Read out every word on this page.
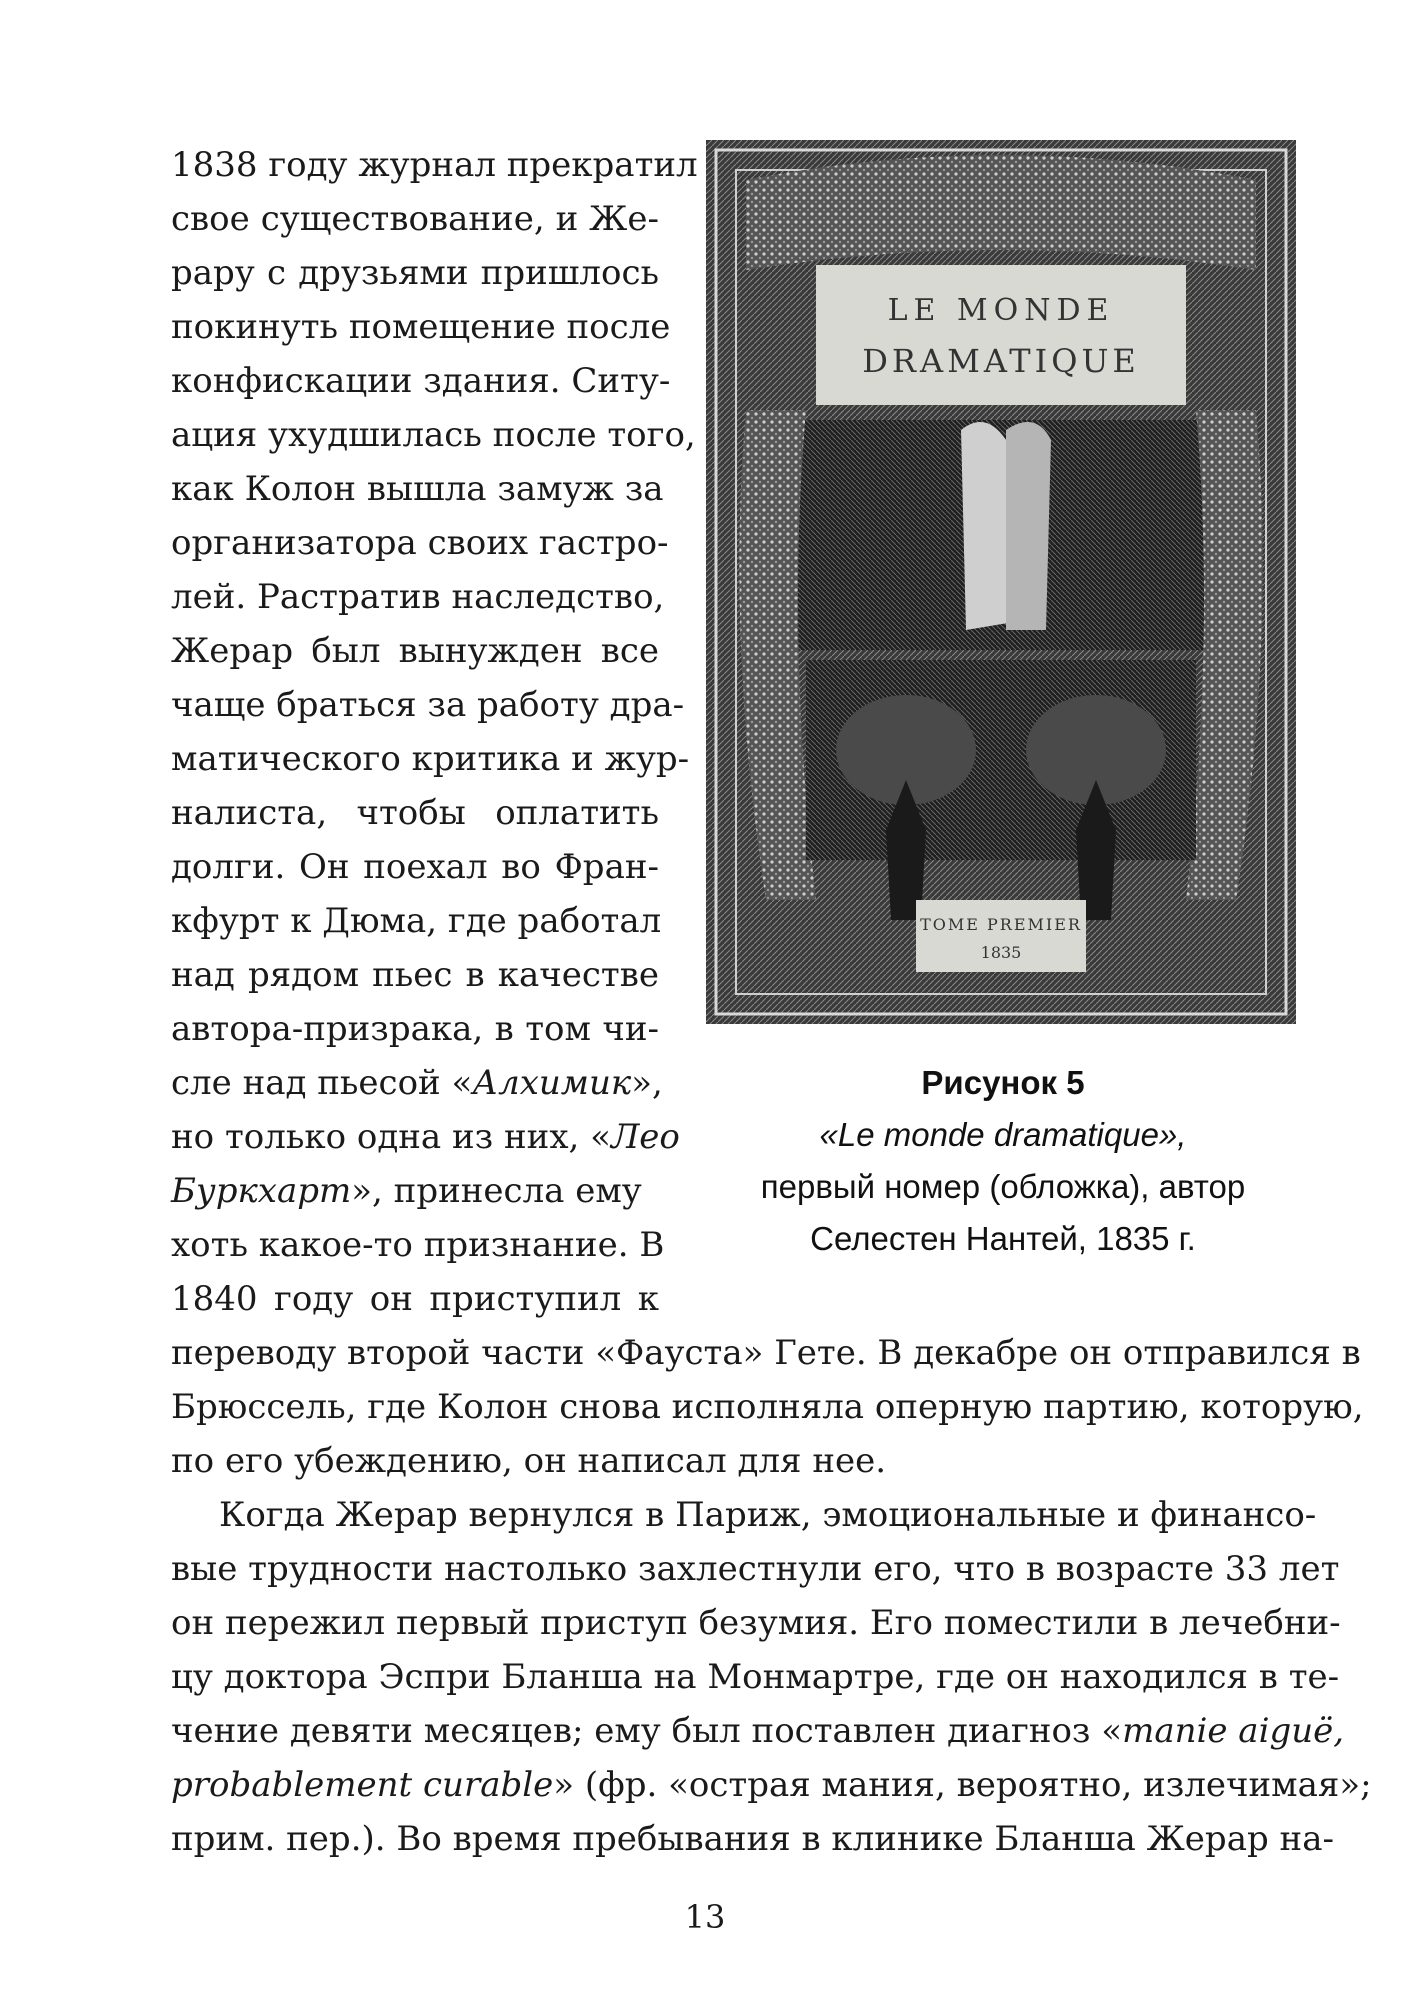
1838 году журнал прекратил
свое существование, и Же-
рару с друзьями пришлось
покинуть помещение после
конфискации здания. Ситу-
ация ухудшилась после того,
как Колон вышла замуж за
организатора своих гастро-
лей. Растратив наследство,
Жерар был вынужден все
чаще браться за работу дра-
матического критика и жур-
налиста, чтобы оплатить
долги. Он поехал во Фран-
кфурт к Дюма, где работал
над рядом пьес в качестве
автора-призрака, в том чи-
сле над пьесой «Алхимик»,
но только одна из них, «Лео
Буркхарт», принесла ему
хоть какое-то признание. В
1840 году он приступил к
переводу второй части «Фауста» Гете. В декабре он отправился в
Брюссель, где Колон снова исполняла оперную партию, которую,
по его убеждению, он написал для нее.
Когда Жерар вернулся в Париж, эмоциональные и финансо-
вые трудности настолько захлестнули его, что в возрасте 33 лет
он пережил первый приступ безумия. Его поместили в лечебни-
цу доктора Эспри Бланша на Монмартре, где он находился в те-
чение девяти месяцев; ему был поставлен диагноз «manie aiguë,
probablement curable» (фр. «острая мания, вероятно, излечимая»;
прим. пер.). Во время пребывания в клинике Бланша Жерар на-
LE MONDE
DRAMATIQUE
TOME PREMIER
1835
Рисунок 5
«Le monde dramatique»,
первый номер (обложка), автор
Селестен Нантей, 1835 г.
13
